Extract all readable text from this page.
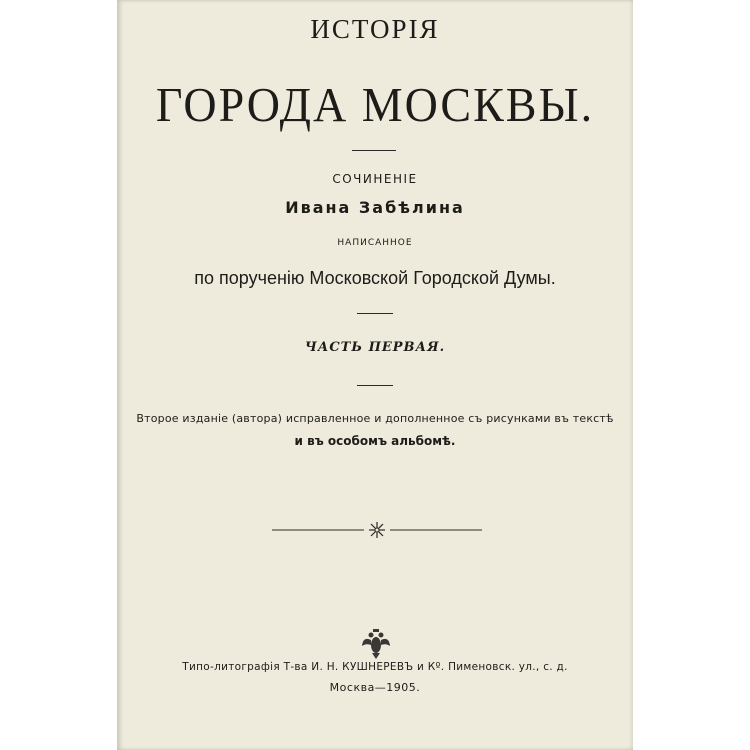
ИСТОРІЯ
ГОРОДА МОСКВЫ.
СОЧИНЕНІЕ
Ивана Забѣлина
НАПИСАННОЕ
по порученію Московской Городской Думы.
ЧАСТЬ ПЕРВАЯ.
Второе изданіе (автора) исправленное и дополненное съ рисунками въ текстѣ
и въ особомъ альбомѣ.
Типо-литографія Т-ва И. Н. КУШНЕРЕВЪ и Кº. Пименовск. ул., с. д.
Москва—1905.
